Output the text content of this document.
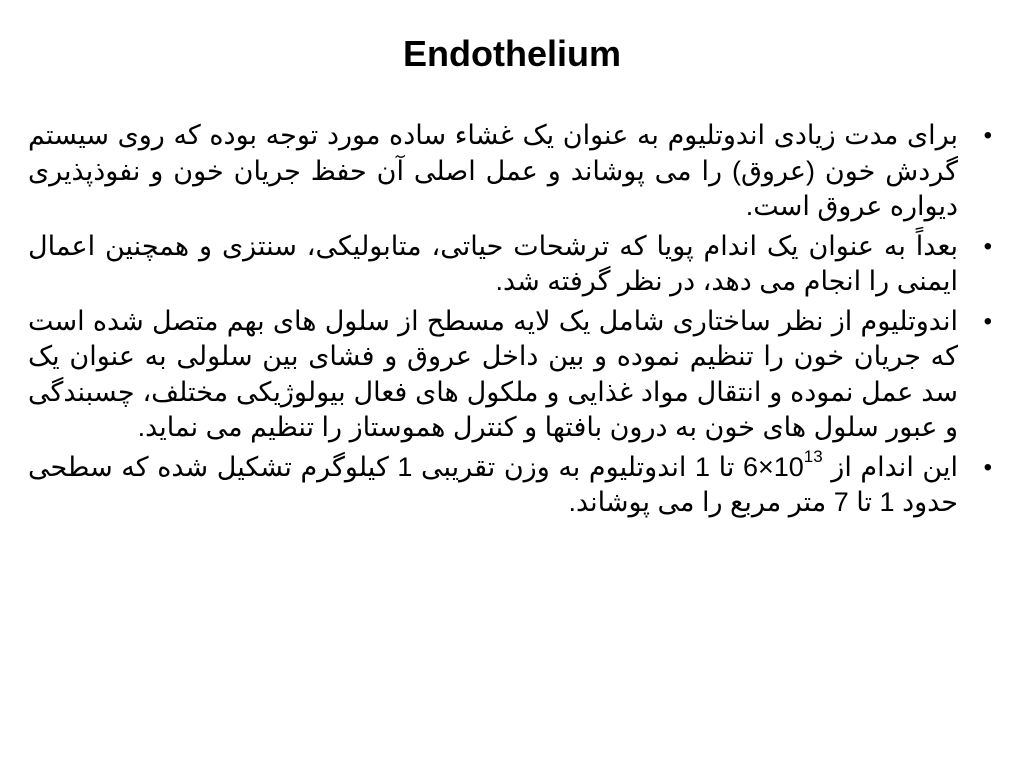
Endothelium
•
برای مدت زیادی اندوتلیوم به عنوان یک غشاء ساده مورد توجه بوده که روی سیستم گردش خون (عروق) را می پوشاند و عمل اصلی آن حفظ جریان خون و نفوذپذیری دیواره عروق است.
•
بعداً به عنوان یک اندام پویا که ترشحات حیاتی، متابولیکی، سنتزی و همچنین اعمال ایمنی را انجام می دهد، در نظر گرفته شد.
•
اندوتلیوم از نظر ساختاری شامل یک لایه مسطح از سلول های بهم متصل شده است که جریان خون را تنظیم نموده و بین داخل عروق و فشای بین سلولی به عنوان یک سد عمل نموده و انتقال مواد غذایی و ملکول های فعال بیولوژیکی مختلف، چسبندگی و عبور سلول های خون به درون بافتها و کنترل هموستاز را تنظیم می نماید.
•
این اندام از $6\times 10^{13}$ تا 1 اندوتلیوم به وزن تقریبی 1 کیلوگرم تشکیل شده که سطحی حدود 1 تا 7 متر مربع را می پوشاند.
